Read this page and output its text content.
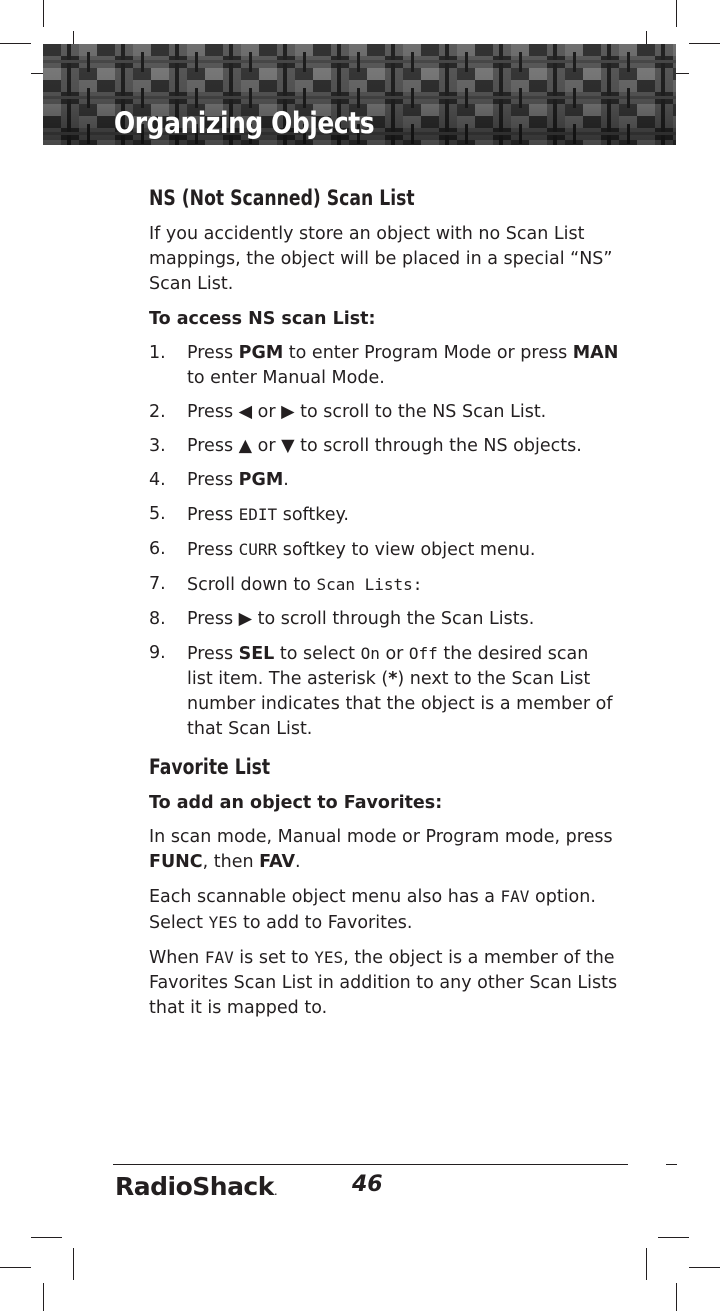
Organizing Objects
NS (Not Scanned) Scan List

If you accidently store an object with no Scan List mappings, the object will be placed in a special “NS” Scan List.

To access NS scan List:

1. Press PGM to enter Program Mode or press MAN to enter Manual Mode.
2. Press ◀ or ▶ to scroll to the NS Scan List.
3. Press ▲ or ▼ to scroll through the NS objects.
4. Press PGM.
5. Press EDIT softkey.
6. Press CURR softkey to view object menu.
7. Scroll down to Scan Lists:
8. Press ▶ to scroll through the Scan Lists.
9. Press SEL to select On or Off the desired scan list item. The asterisk (*) next to the Scan List number indicates that the object is a member of that Scan List.
Favorite List

To add an object to Favorites:

In scan mode, Manual mode or Program mode, press FUNC, then FAV.

Each scannable object menu also has a FAV option. Select YES to add to Favorites.

When FAV is set to YES, the object is a member of the Favorites Scan List in addition to any other Scan Lists that it is mapped to.

RadioShack.	46
